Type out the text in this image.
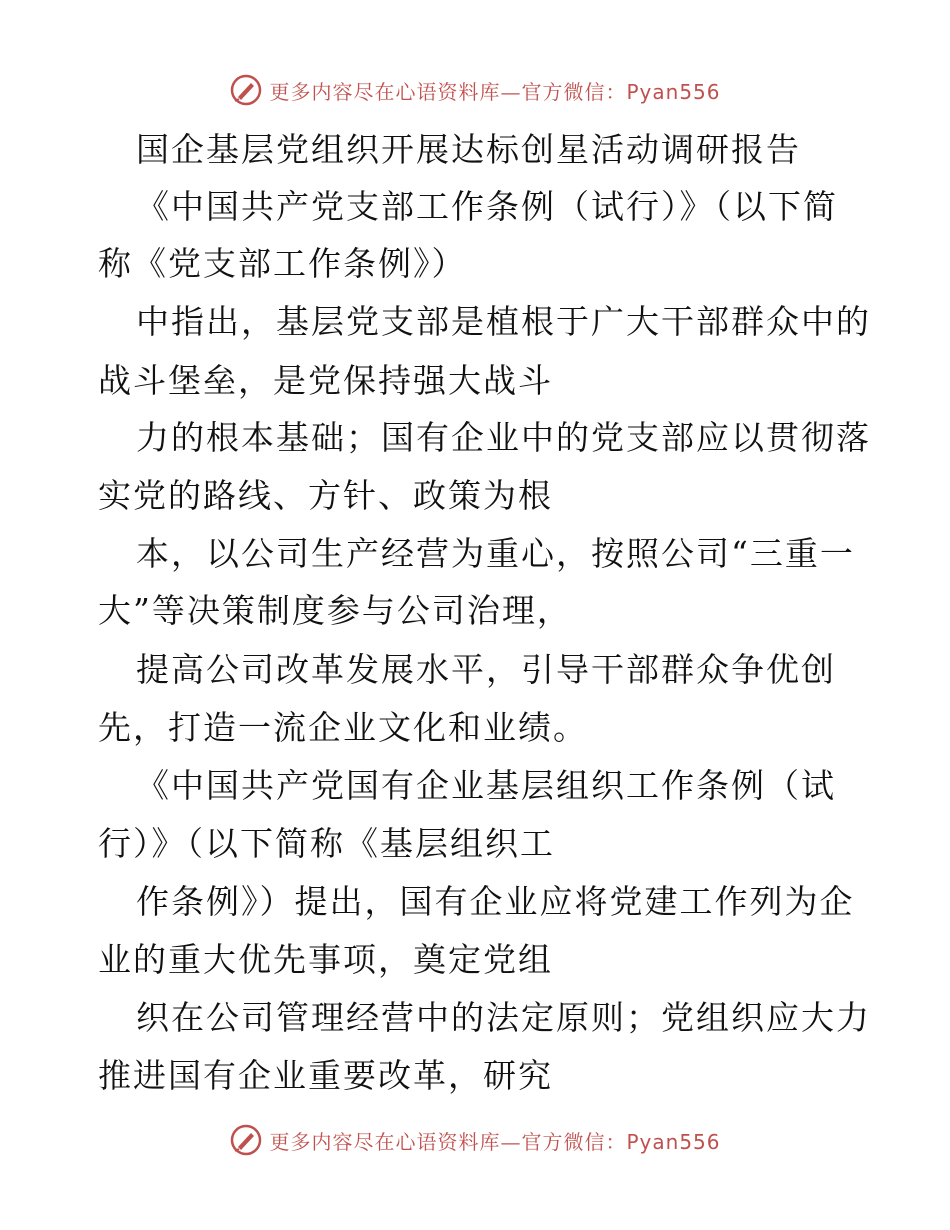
更多内容尽在心语资料库—官方微信：Pyan556
国企基层党组织开展达标创星活动调研报告
《中国共产党支部工作条例（试行）》（以下简
称《党支部工作条例》）
中指出，基层党支部是植根于广大干部群众中的
战斗堡垒，是党保持强大战斗
力的根本基础；国有企业中的党支部应以贯彻落
实党的路线、方针、政策为根
本，以公司生产经营为重心，按照公司“三重一
大”等决策制度参与公司治理，
提高公司改革发展水平，引导干部群众争优创
先，打造一流企业文化和业绩。
《中国共产党国有企业基层组织工作条例（试
行）》（以下简称《基层组织工
作条例》）提出，国有企业应将党建工作列为企
业的重大优先事项，奠定党组
织在公司管理经营中的法定原则；党组织应大力
推进国有企业重要改革，研究
更多内容尽在心语资料库—官方微信：Pyan556
